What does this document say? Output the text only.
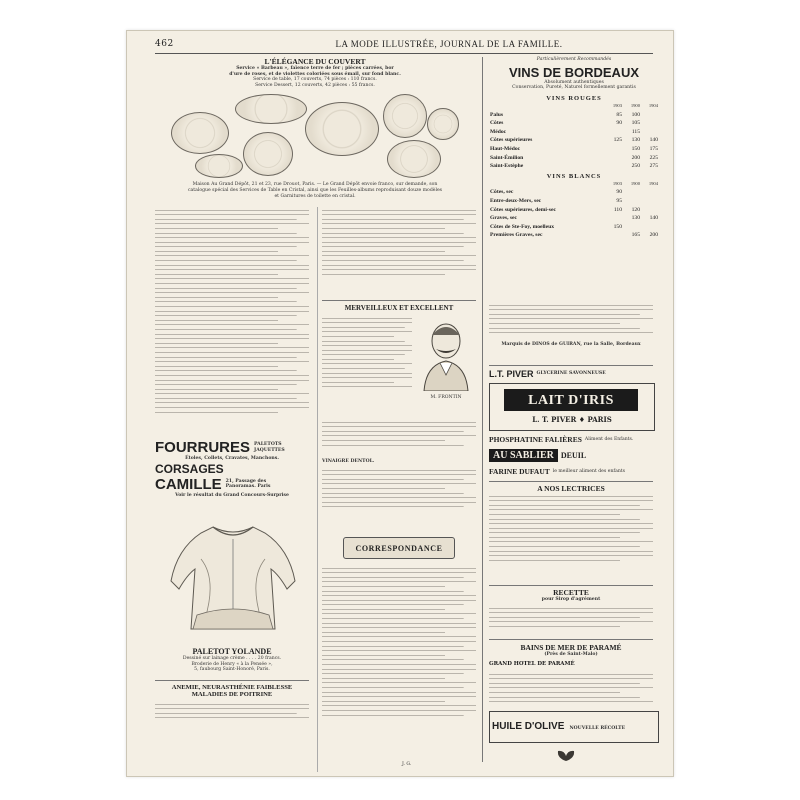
462	LA MODE ILLUSTRÉE, JOURNAL DE LA FAMILLE.
L'ÉLÉGANCE DU COUVERT
Service « Barbeau », faïence terre de fer ; pièces carrées, bor
d'ure de roses, et de violettes coloriées sous émail, sur fond blanc.
Service de table, 17 couverts, 74 pièces : 110 francs.
Service Dessert, 12 couverts, 42 pièces : 55 francs.
Maison Au Grand Dépôt, 21 et 23, rue Drouot, Paris. — Le Grand Dépôt envoie franco, sur demande, son catalogue spécial des Services de Table en Cristal, ainsi que les Feuilles-albums reproduisant douze modèles et Garnitures de toilette en cristal.
FOURRURES PALETOTS
JAQUETTES
Étoles, Collets, Cravates, Manchons.
CORSAGES
CAMILLE 21, Passage des Panoramas. Paris
Voir le résultat du Grand Concours-Surprise
PALETOT YOLANDE
Dessiné sur lainage crème . . . . 20 francs.
Broderie de Henry « à la Pensée »,
5, faubourg Saint-Honoré, Paris.
ANEMIE, NEURASTHÉNIE FAIBLESSE
MALADIES DE POITRINE
MERVEILLEUX ET EXCELLENT
M. FRONTIN
VINAIGRE DENTOL.
CORRESPONDANCE
J. G.
Particulièrement Recommandés
VINS DE BORDEAUX
Absolument authentiques
Conservation, Pureté, Naturel formellement garantis
VINS ROUGES
	1903	1900	1904
Palus	85	100	
Côtes	90	105	
Médoc		115	
Côtes supérieures	125	130	140
Haut-Médoc		150	175
Saint-Émilion		200	225
Saint-Estèphe		250	275
VINS BLANCS
	1903	1900	1904
Côtes, sec	90		
Entre-deux-Mers, sec	95		
Côtes supérieures, demi-sec	110	120	
Graves, sec		130	140
Côtes de Ste-Foy, moelleux	150		
Premières Graves, sec		165	200
Marquis de DINOS de GUIRAN, rue la Salle, Bordeaux
L.T. PIVER GLYCERINE SAVONNEUSE
LAIT D'IRIS
L. T. PIVER ♦ PARIS
PHOSPHATINE FALIÈRES Aliment des Enfants.
AU SABLIER DEUIL
FARINE DUFAUT le meilleur aliment des enfants
A NOS LECTRICES
RECETTE
pour Sirop d'agrément
BAINS DE MER DE PARAMÉ
(Près de Saint-Malo)
GRAND HOTEL DE PARAMÉ
HUILE D'OLIVE NOUVELLE RÉCOLTE
